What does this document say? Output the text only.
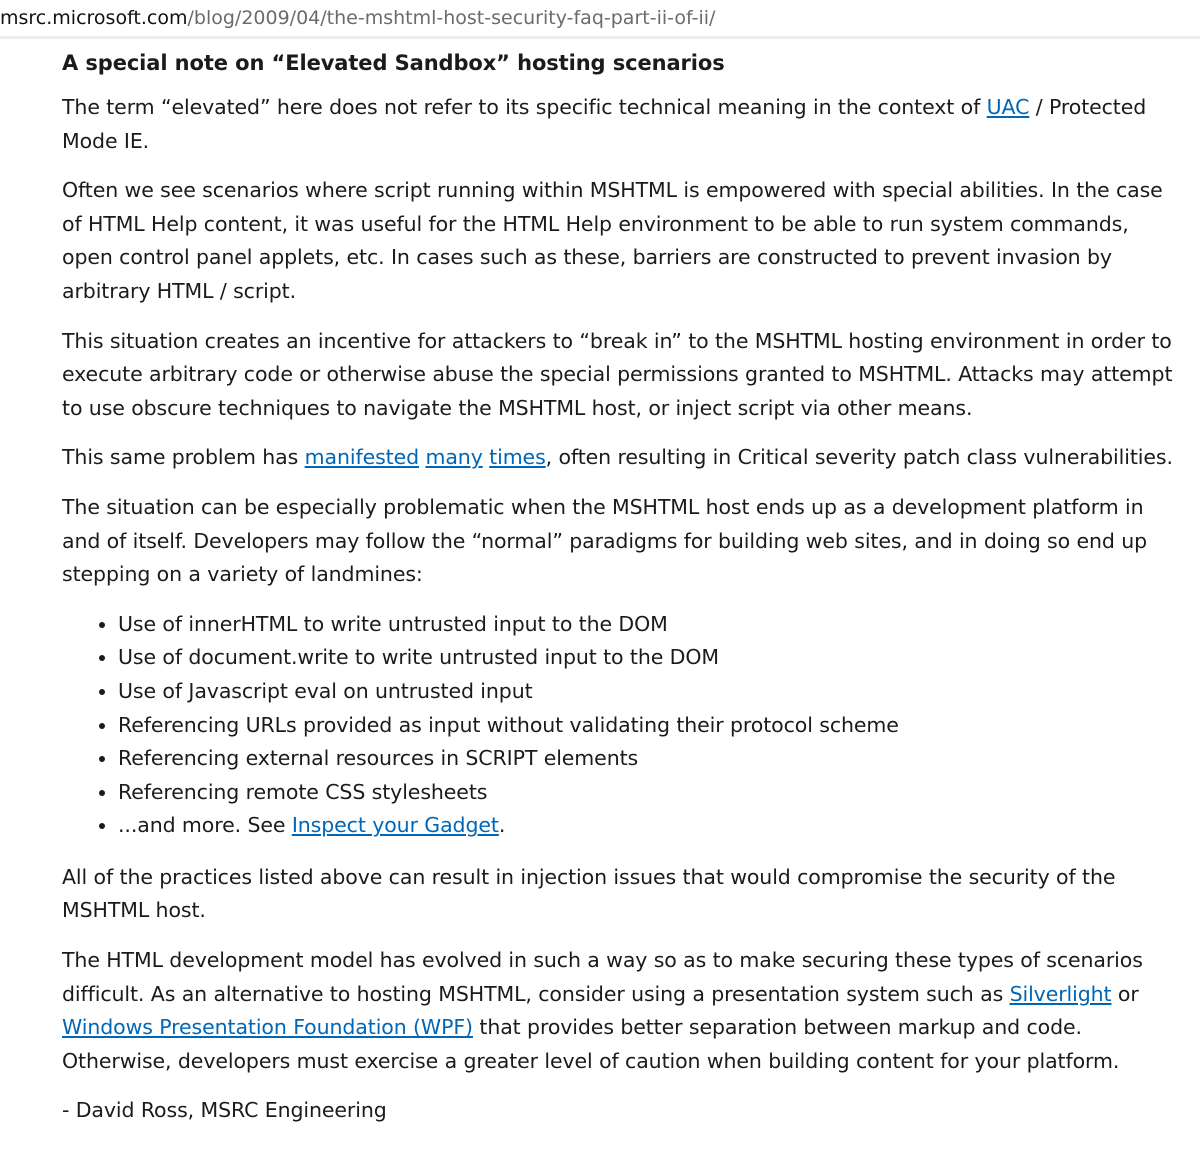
msrc.microsoft.com /blog/2009/04/the-mshtml-host-security-faq-part-ii-of-ii/
A special note on “Elevated Sandbox” hosting scenarios

The term “elevated” here does not refer to its specific technical meaning in the context of UAC / Protected Mode IE.

Often we see scenarios where script running within MSHTML is empowered with special abilities. In the case of HTML Help content, it was useful for the HTML Help environment to be able to run system commands, open control panel applets, etc. In cases such as these, barriers are constructed to prevent invasion by arbitrary HTML / script.

This situation creates an incentive for attackers to “break in” to the MSHTML hosting environment in order to execute arbitrary code or otherwise abuse the special permissions granted to MSHTML. Attacks may attempt to use obscure techniques to navigate the MSHTML host, or inject script via other means.

This same problem has manifested many times, often resulting in Critical severity patch class vulnerabilities.

The situation can be especially problematic when the MSHTML host ends up as a development platform in and of itself. Developers may follow the “normal” paradigms for building web sites, and in doing so end up stepping on a variety of landmines:

• Use of innerHTML to write untrusted input to the DOM
• Use of document.write to write untrusted input to the DOM
• Use of Javascript eval on untrusted input
• Referencing URLs provided as input without validating their protocol scheme
• Referencing external resources in SCRIPT elements
• Referencing remote CSS stylesheets
• ...and more. See Inspect your Gadget.

All of the practices listed above can result in injection issues that would compromise the security of the MSHTML host.

The HTML development model has evolved in such a way so as to make securing these types of scenarios difficult. As an alternative to hosting MSHTML, consider using a presentation system such as Silverlight or Windows Presentation Foundation (WPF) that provides better separation between markup and code. Otherwise, developers must exercise a greater level of caution when building content for your platform.

- David Ross, MSRC Engineering
